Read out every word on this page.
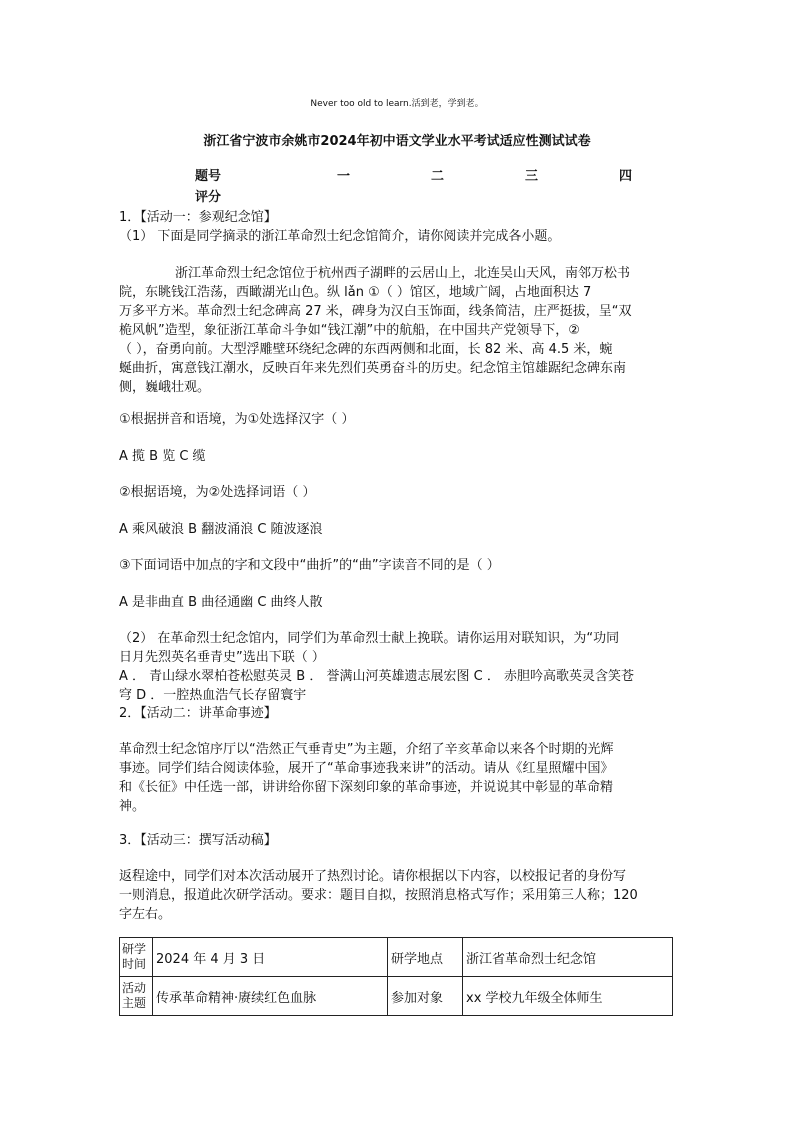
Never too old to learn.活到老，学到老。
浙江省宁波市余姚市2024年初中语文学业水平考试适应性测试试卷
题号	一	二	三	四
评分
1．【活动一：参观纪念馆】
（1） 下面是同学摘录的浙江革命烈士纪念馆简介，请你阅读并完成各小题。
浙江革命烈士纪念馆位于杭州西子湖畔的云居山上，北连吴山天风，南邻万松书
院，东眺钱江浩荡，西瞰湖光山色。纵 lǎn ①（ ）馆区，地域广阔，占地面积达 7
万多平方米。革命烈士纪念碑高 27 米，碑身为汉白玉饰面，线条简洁，庄严挺拔，呈“双
桅风帆”造型，象征浙江革命斗争如“钱江潮”中的航船，在中国共产党领导下，②
（ ），奋勇向前。大型浮雕壁环绕纪念碑的东西两侧和北面，长 82 米、高 4.5 米，蜿
蜒曲折，寓意钱江潮水，反映百年来先烈们英勇奋斗的历史。纪念馆主馆雄踞纪念碑东南
侧，巍峨壮观。
①根据拼音和语境，为①处选择汉字（ ）
A 揽 B 览 C 缆
②根据语境，为②处选择词语（ ）
A 乘风破浪 B 翻波涌浪 C 随波逐浪
③下面词语中加点的字和文段中“曲折”的“曲”字读音不同的是（ ）
A 是非曲直 B 曲径通幽 C 曲终人散
（2） 在革命烈士纪念馆内，同学们为革命烈士献上挽联。请你运用对联知识，为“功同
日月先烈英名垂青史”选出下联（ ）
A ． 青山绿水翠柏苍松慰英灵 B ． 誉满山河英雄遗志展宏图 C ． 赤胆吟高歌英灵含笑苍
穹 D ．一腔热血浩气长存留寰宇
2．【活动二：讲革命事迹】
革命烈士纪念馆序厅以“浩然正气垂青史”为主题，介绍了辛亥革命以来各个时期的光辉
事迹。同学们结合阅读体验，展开了“革命事迹我来讲”的活动。请从《红星照耀中国》
和《长征》中任选一部，讲讲给你留下深刻印象的革命事迹，并说说其中彰显的革命精
神。
3．【活动三：撰写活动稿】
返程途中，同学们对本次活动展开了热烈讨论。请你根据以下内容，以校报记者的身份写
一则消息，报道此次研学活动。要求：题目自拟，按照消息格式写作；采用第三人称；120
字左右。
研学时间	2024 年 4 月 3 日	研学地点	浙江省革命烈士纪念馆
活动主题	传承革命精神·赓续红色血脉	参加对象	xx 学校九年级全体师生
